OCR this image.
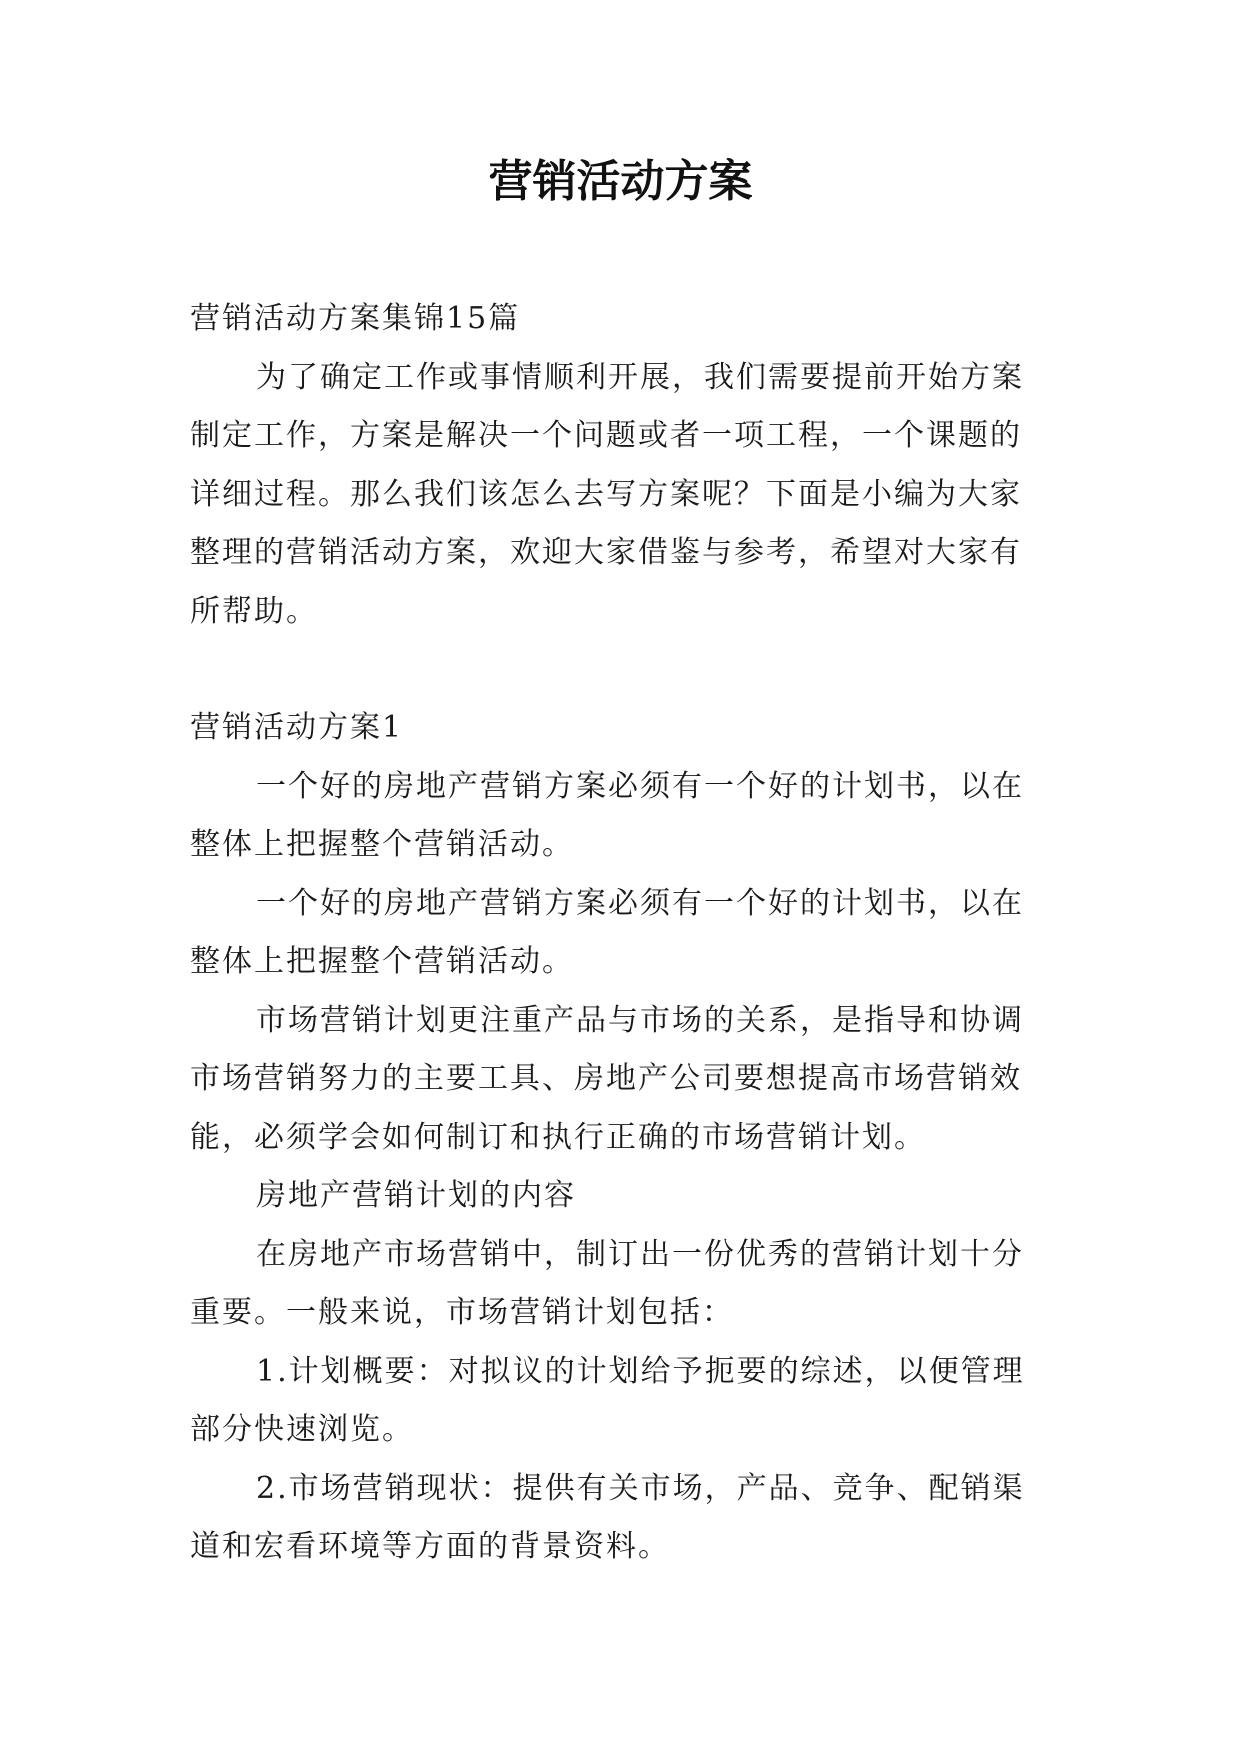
营销活动方案

营销活动方案集锦15篇

为了确定工作或事情顺利开展，我们需要提前开始方案制定工作，方案是解决一个问题或者一项工程，一个课题的详细过程。那么我们该怎么去写方案呢？下面是小编为大家整理的营销活动方案，欢迎大家借鉴与参考，希望对大家有所帮助。

营销活动方案1

一个好的房地产营销方案必须有一个好的计划书，以在整体上把握整个营销活动。

一个好的房地产营销方案必须有一个好的计划书，以在整体上把握整个营销活动。

市场营销计划更注重产品与市场的关系，是指导和协调市场营销努力的主要工具、房地产公司要想提高市场营销效能，必须学会如何制订和执行正确的市场营销计划。

房地产营销计划的内容

在房地产市场营销中，制订出一份优秀的营销计划十分重要。一般来说，市场营销计划包括：

1.计划概要：对拟议的计划给予扼要的综述，以便管理部分快速浏览。

2.市场营销现状：提供有关市场，产品、竞争、配销渠道和宏看环境等方面的背景资料。
